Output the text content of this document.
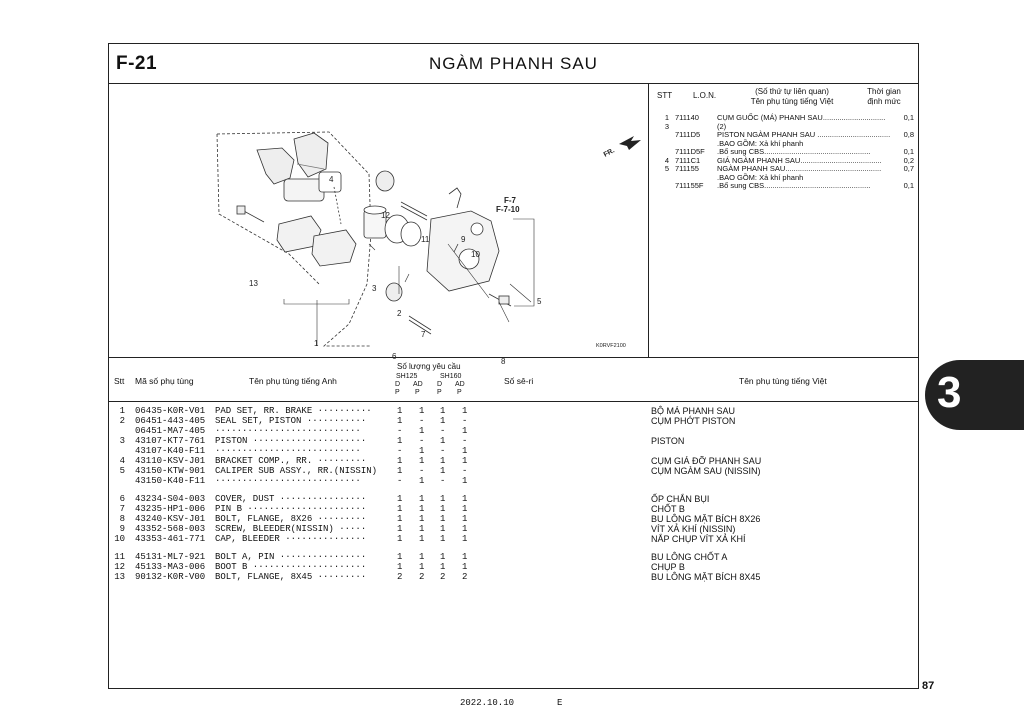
F-21	NGÀM PHANH SAU
4
12
11	9
10
3
2
13
5
7
6
8
1
F-7
F-7-10
K0RVF2100
FR.
STT	L.O.N.	(Số thứ tự liên quan)
Tên phụ tùng tiếng Việt
Thời gian
định mức
1 711140	CỤM GUỐC (MÁ) PHANH SAU..............................	0,1
3	(2)
7111D5	PISTON NGÀM PHANH SAU ...................................	0,8
.BAO GỒM: Xả khí phanh
7111D5F	.Bổ sung CBS...................................................	0,1
4 7111C1	GIÁ NGÀM PHANH SAU.......................................	0,2
5 711155	NGÀM PHANH SAU..............................................	0,7
.BAO GỒM: Xả khí phanh
711155F	.Bổ sung CBS...................................................	0,1
Stt Mã số phụ tùng	Tên phụ tùng tiếng Anh
Số lượng yêu cầu
SH125	SH160
D AD D AD
P P P P
Số sê-ri	Tên phụ tùng tiếng Việt
1 06435-K0R-V01 PAD SET, RR. BRAKE ··········	1 1 1 1	BỘ MÁ PHANH SAU
2 06451-443-405 SEAL SET, PISTON ···········	1 - 1 -	CỤM PHỚT PISTON
06451-MA7-405 ···························	- 1 - 1
3 43107-KT7-761 PISTON ·····················	1 - 1 -	PISTON
43107-K40-F11 ···························	- 1 - 1
4 43110-KSV-J01 BRACKET COMP., RR. ·········	1 1 1 1	CỤM GIÁ ĐỠ PHANH SAU
5 43150-KTW-901 CALIPER SUB ASSY., RR.(NISSIN) 1 - 1 -	CỤM NGÀM SAU (NISSIN)
43150-K40-F11 ···························	- 1 - 1
6 43234-S04-003 COVER, DUST ················	1 1 1 1	ỐP CHẮN BỤI
7 43235-HP1-006 PIN B ······················	1 1 1 1	CHỐT B
8 43240-KSV-J01 BOLT, FLANGE, 8X26 ·········	1 1 1 1	BU LÔNG MẶT BÍCH 8X26
9 43352-568-003 SCREW, BLEEDER(NISSIN) ·····	1 1 1 1	VÍT XẢ KHÍ (NISSIN)
10 43353-461-771 CAP, BLEEDER ···············	1 1 1 1	NẮP CHỤP VÍT XẢ KHÍ
11 45131-ML7-921 BOLT A, PIN ················	1 1 1 1	BU LÔNG CHỐT A
12 45133-MA3-006 BOOT B ·····················	1 1 1 1	CHỤP B
13 90132-K0R-V00 BOLT, FLANGE, 8X45 ·········	2 2 2 2	BU LÔNG MẶT BÍCH 8X45
3
87
2022.10.10	E
